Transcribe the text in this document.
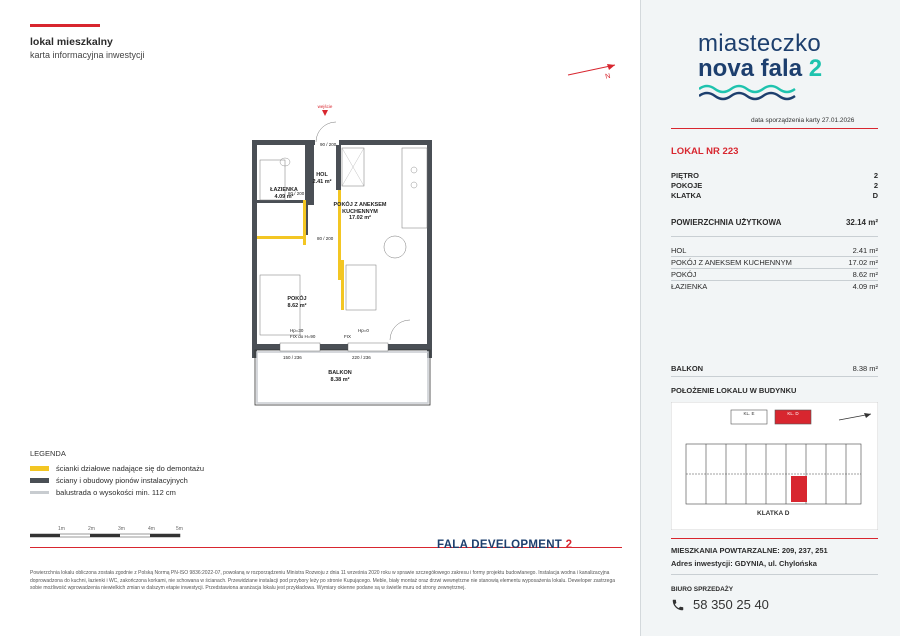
lokal mieszkalny
karta informacyjna inwestycji
N
wejście
HOL
2.41 m²
ŁAZIENKA
4.09 m²
POKÓJ Z ANEKSEM KUCHENNYM
17.02 m²
POKÓJ
8.62 m²
BALKON
8.38 m²
90 / 200
80 / 200
80 / 200
150 / 236	220 / 236
Hp=30
FIX do H=90
Hp=0
FIX
LEGENDA
ścianki działowe nadające się do demontażu
ściany i obudowy pionów instalacyjnych
balustrada o wysokości min. 112 cm
1m	2m	3m	4m	5m
FALA DEVELOPMENT 2
Powierzchnia lokalu obliczona została zgodnie z Polską Normą PN-ISO 9836:2022-07, powołaną w rozporządzeniu Ministra Rozwoju z dnia 11 września 2020 roku w sprawie szczegółowego zakresu i formy projektu budowlanego. Instalacja wodna i kanalizacyjna doprowadzona do kuchni, łazienki i WC, zakończona korkami, nie schowana w ścianach. Przewidziane instalacji pod przybory leży po stronie Kupującego. Meble, biały montaż oraz drzwi wewnętrzne nie stanowią elementu wyposażenia lokalu. Deweloper zastrzega sobie możliwość wprowadzenia niewielkich zmian w dalszym etapie inwestycji. Przedstawiona aranżacja lokalu jest przykładowa. Wymiary okienne podane są w świetle muru od strony zewnętrznej.
miasteczko
nova fala 2
data sporządzenia karty 27.01.2026
LOKAL NR 223
PIĘTRO	2
POKOJE	2
KLATKA	D
POWIERZCHNIA UŻYTKOWA	32.14 m²
HOL	2.41 m²
POKÓJ Z ANEKSEM KUCHENNYM	17.02 m²
POKÓJ	8.62 m²
ŁAZIENKA	4.09 m²
BALKON	8.38 m²
POŁOŻENIE LOKALU W BUDYNKU
KL. E	KL. D
KLATKA D
MIESZKANIA POWTARZALNE: 209, 237, 251
Adres inwestycji: GDYNIA, ul. Chylońska
BIURO SPRZEDAŻY
58 350 25 40
